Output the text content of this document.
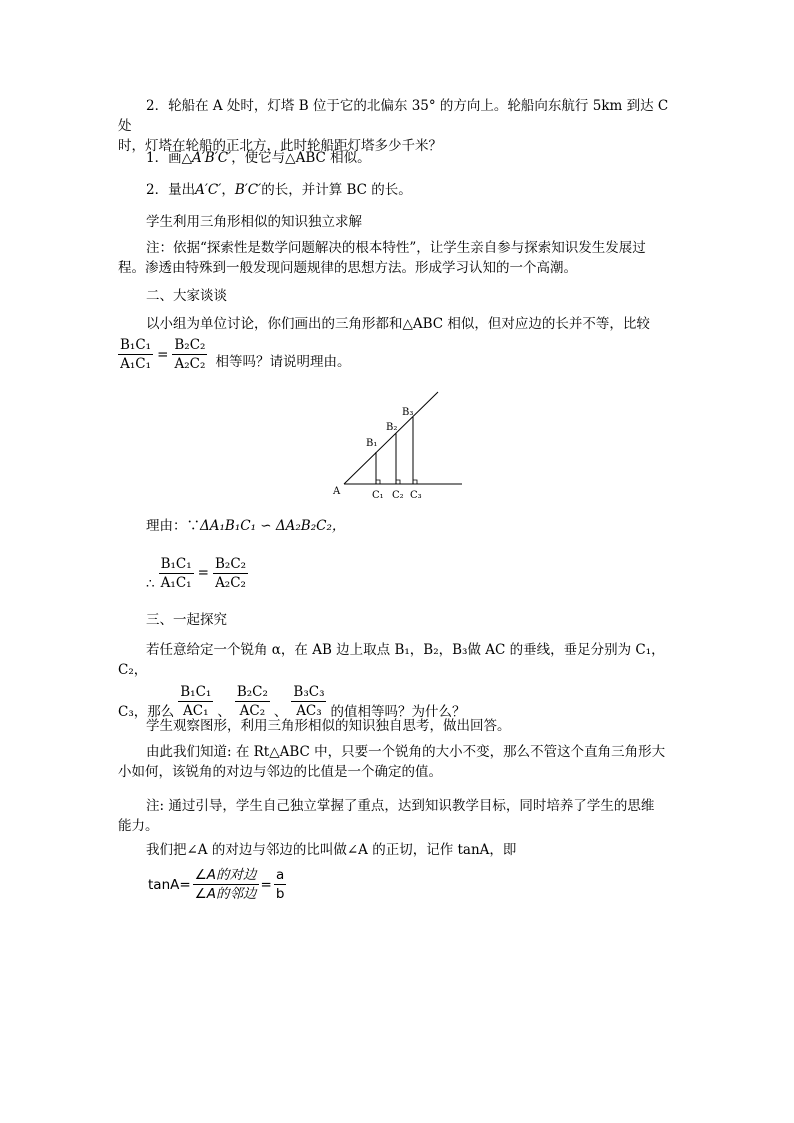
2．轮船在 A 处时，灯塔 B 位于它的北偏东 35° 的方向上。轮船向东航行 5km 到达 C 处

时，灯塔在轮船的正北方，此时轮船距灯塔多少千米？

1．画△A′B′C′，使它与△ABC 相似。

2．量出A′C′，B′C′的长，并计算 BC 的长。

学生利用三角形相似的知识独立求解

注：依据“探索性是数学问题解决的根本特性”，让学生亲自参与探索知识发生发展过

程。渗透由特殊到一般发现问题规律的思想方法。形成学习认知的一个高潮。

二、大家谈谈

以小组为单位讨论，你们画出的三角形都和△ABC 相似，但对应边的长并不等，比较

$\frac{\text{B₁C₁}}{\text{A₁C₁}} = \frac{\text{B₂C₂}}{\text{A₂C₂}}$ 相等吗？请说明理由。
A
B₁
B₂
B₃
C₁ C₂ C₃

理由：∵ΔA₁B₁C₁ ∽ ΔA₂B₂C₂，

∴ $\frac{\text{B₁C₁}}{\text{A₁C₁}} = \frac{\text{B₂C₂}}{\text{A₂C₂}}$

三、一起探究

若任意给定一个锐角 α，在 AB 边上取点 B₁，B₂，B₃做 AC 的垂线，垂足分别为 C₁，C₂，

C₃，那么 $\frac{\text{B₁C₁}}{\text{AC₁}}$ 、 $\frac{\text{B₂C₂}}{\text{AC₂}}$ 、 $\frac{\text{B₃C₃}}{\text{AC₃}}$ 的值相等吗？为什么？

学生观察图形，利用三角形相似的知识独自思考，做出回答。

由此我们知道: 在 Rt△ABC 中，只要一个锐角的大小不变，那么不管这个直角三角形大

小如何，该锐角的对边与邻边的比值是一个确定的值。

注: 通过引导，学生自己独立掌握了重点，达到知识教学目标，同时培养了学生的思维

能力。

我们把∠A 的对边与邻边的比叫做∠A 的正切，记作 tanA，即

$\tan A= \frac{\text{∠A的对边}}{\text{∠A的邻边}} = \frac{a}{b}$
